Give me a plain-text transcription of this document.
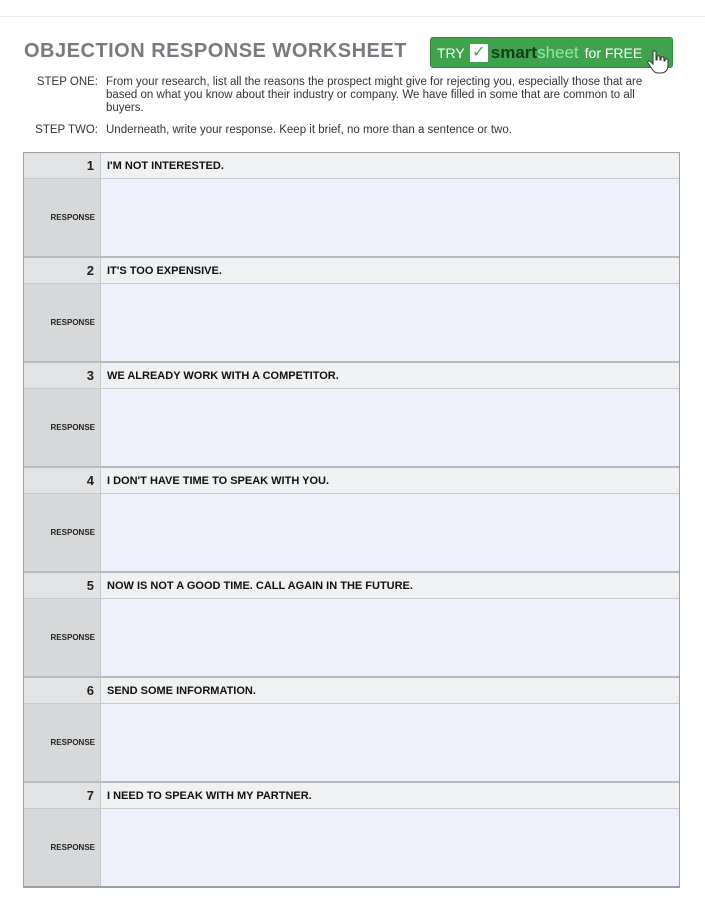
OBJECTION RESPONSE WORKSHEET TRY ✓ smart sheet for FREE
STEP ONE: From your research, list all the reasons the prospect might give for rejecting you, especially those that are based on what you know about their industry or company. We have filled in some that are common to all buyers.
STEP TWO: Underneath, write your response. Keep it brief, no more than a sentence or two.
1	I'M NOT INTERESTED.
RESPONSE
2	IT'S TOO EXPENSIVE.
RESPONSE
3	WE ALREADY WORK WITH A COMPETITOR.
RESPONSE
4	I DON'T HAVE TIME TO SPEAK WITH YOU.
RESPONSE
5	NOW IS NOT A GOOD TIME. CALL AGAIN IN THE FUTURE.
RESPONSE
6	SEND SOME INFORMATION.
RESPONSE
7	I NEED TO SPEAK WITH MY PARTNER.
RESPONSE
